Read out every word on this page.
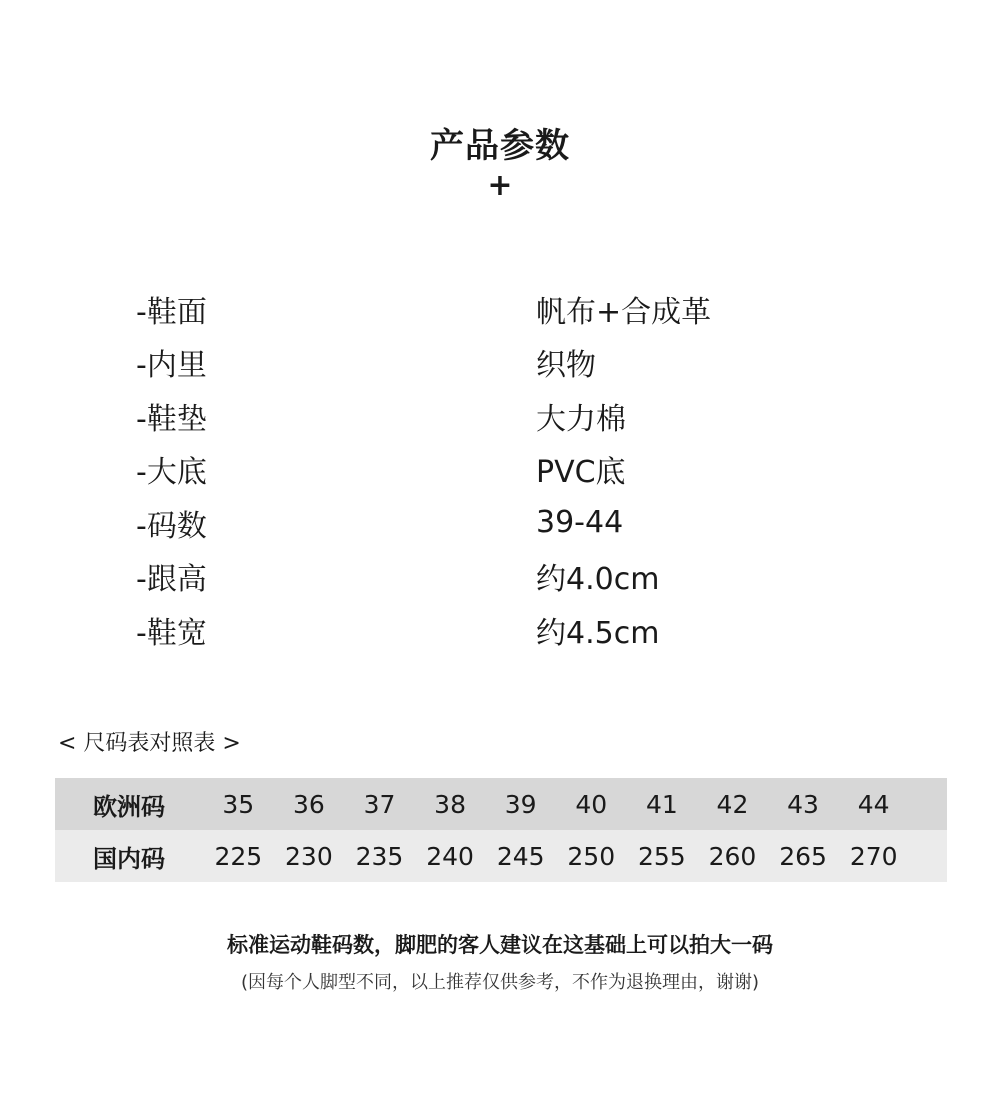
产品参数
+
-鞋面	帆布+合成革
-内里	织物
-鞋垫	大力棉
-大底	PVC底
-码数	39-44
-跟高	约4.0cm
-鞋宽	约4.5cm
< 尺码表对照表 >
欧洲码	35	36	37	38	39	40	41	42	43	44	
国内码	225	230	235	240	245	250	255	260	265	270	
标准运动鞋码数，脚肥的客人建议在这基础上可以拍大一码
(因每个人脚型不同，以上推荐仅供参考，不作为退换理由，谢谢)
